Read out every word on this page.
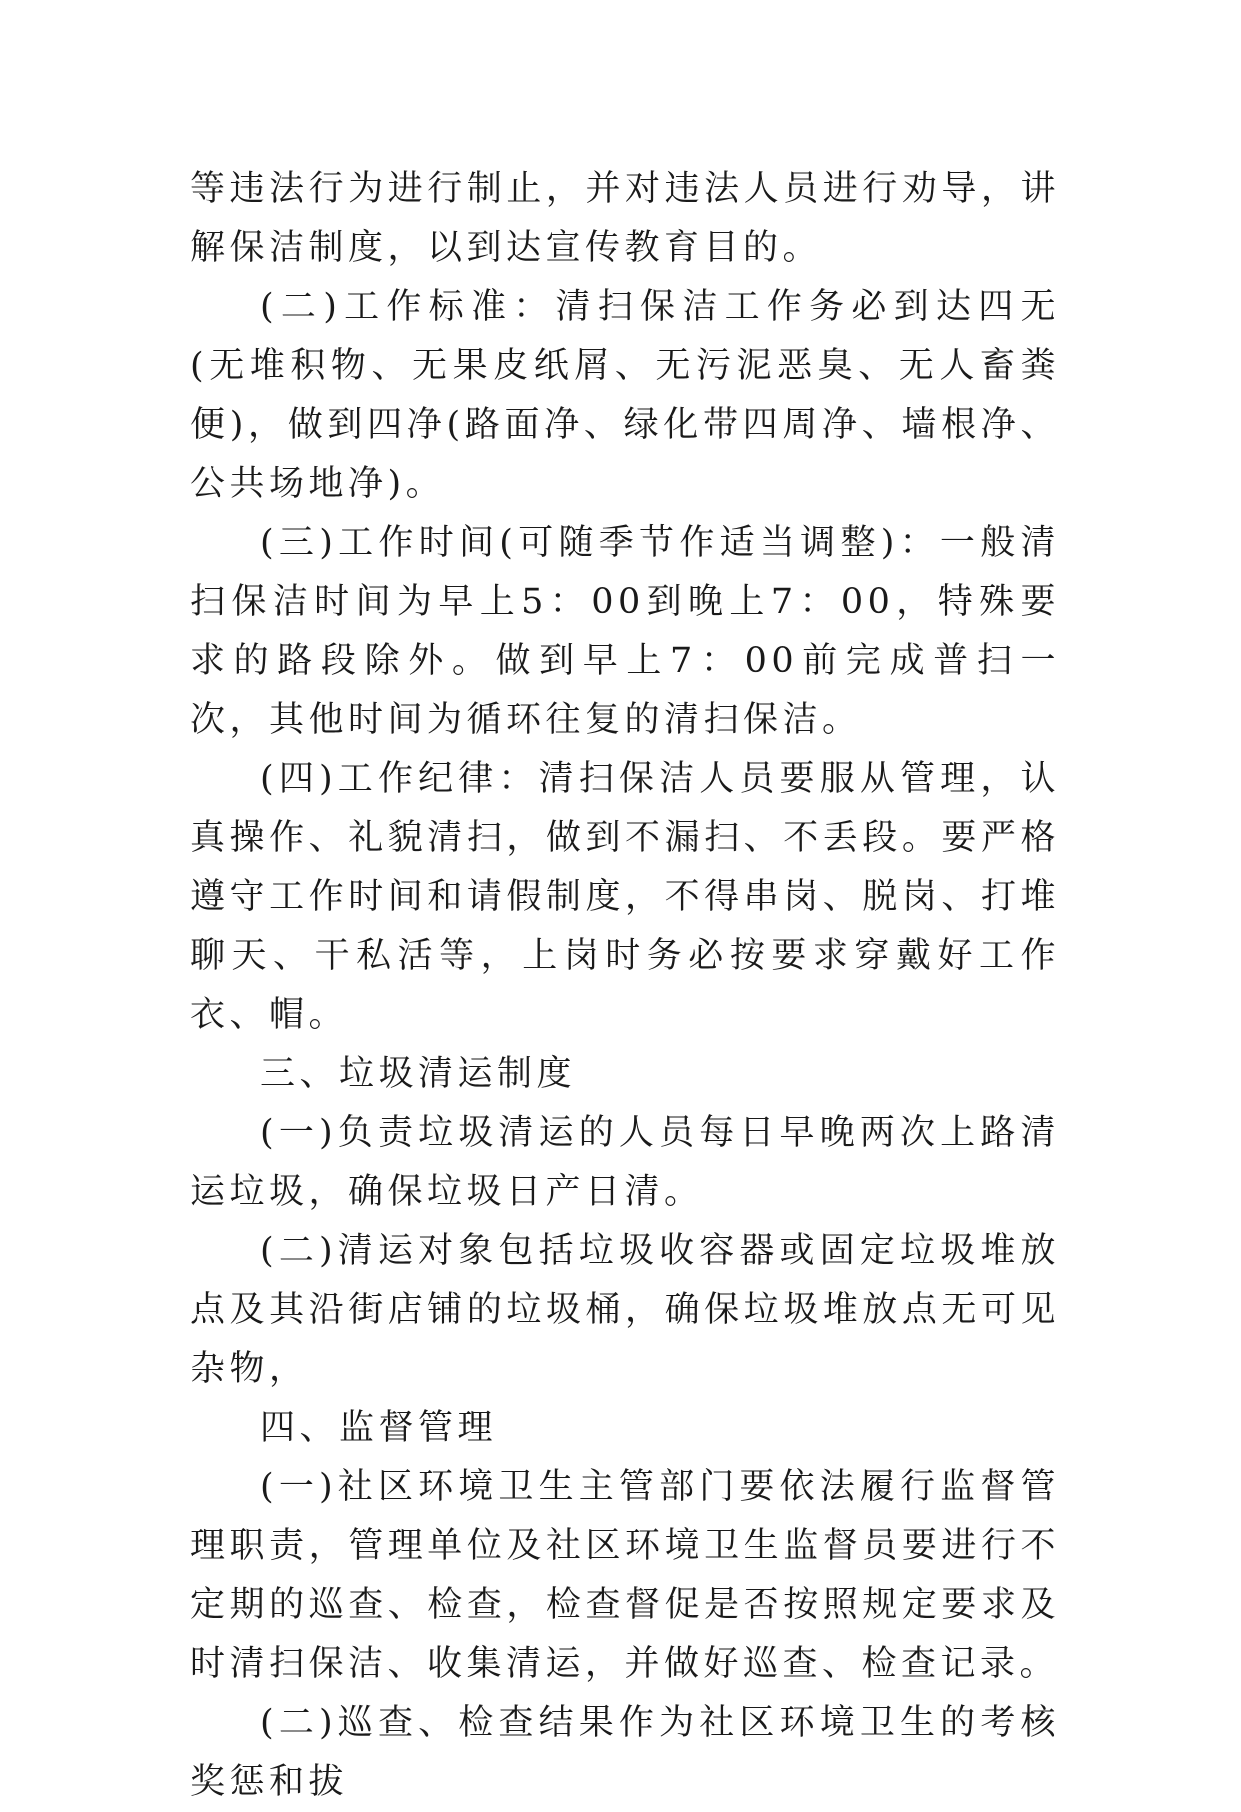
等违法行为进行制止，并对违法人员进行劝导，讲解保洁制度，以到达宣传教育目的。

(二)工作标准：清扫保洁工作务必到达四无(无堆积物、无果皮纸屑、无污泥恶臭、无人畜粪便)，做到四净(路面净、绿化带四周净、墙根净、公共场地净)。

(三)工作时间(可随季节作适当调整)：一般清扫保洁时间为早上5：00到晚上7：00，特殊要求的路段除外。做到早上7：00前完成普扫一次，其他时间为循环往复的清扫保洁。

(四)工作纪律：清扫保洁人员要服从管理，认真操作、礼貌清扫，做到不漏扫、不丢段。要严格遵守工作时间和请假制度，不得串岗、脱岗、打堆聊天、干私活等，上岗时务必按要求穿戴好工作衣、帽。

三、垃圾清运制度

(一)负责垃圾清运的人员每日早晚两次上路清运垃圾，确保垃圾日产日清。

(二)清运对象包括垃圾收容器或固定垃圾堆放点及其沿街店铺的垃圾桶，确保垃圾堆放点无可见杂物，

四、监督管理

(一)社区环境卫生主管部门要依法履行监督管理职责，管理单位及社区环境卫生监督员要进行不定期的巡查、检查，检查督促是否按照规定要求及时清扫保洁、收集清运，并做好巡查、检查记录。

(二)巡查、检查结果作为社区环境卫生的考核奖惩和拔
